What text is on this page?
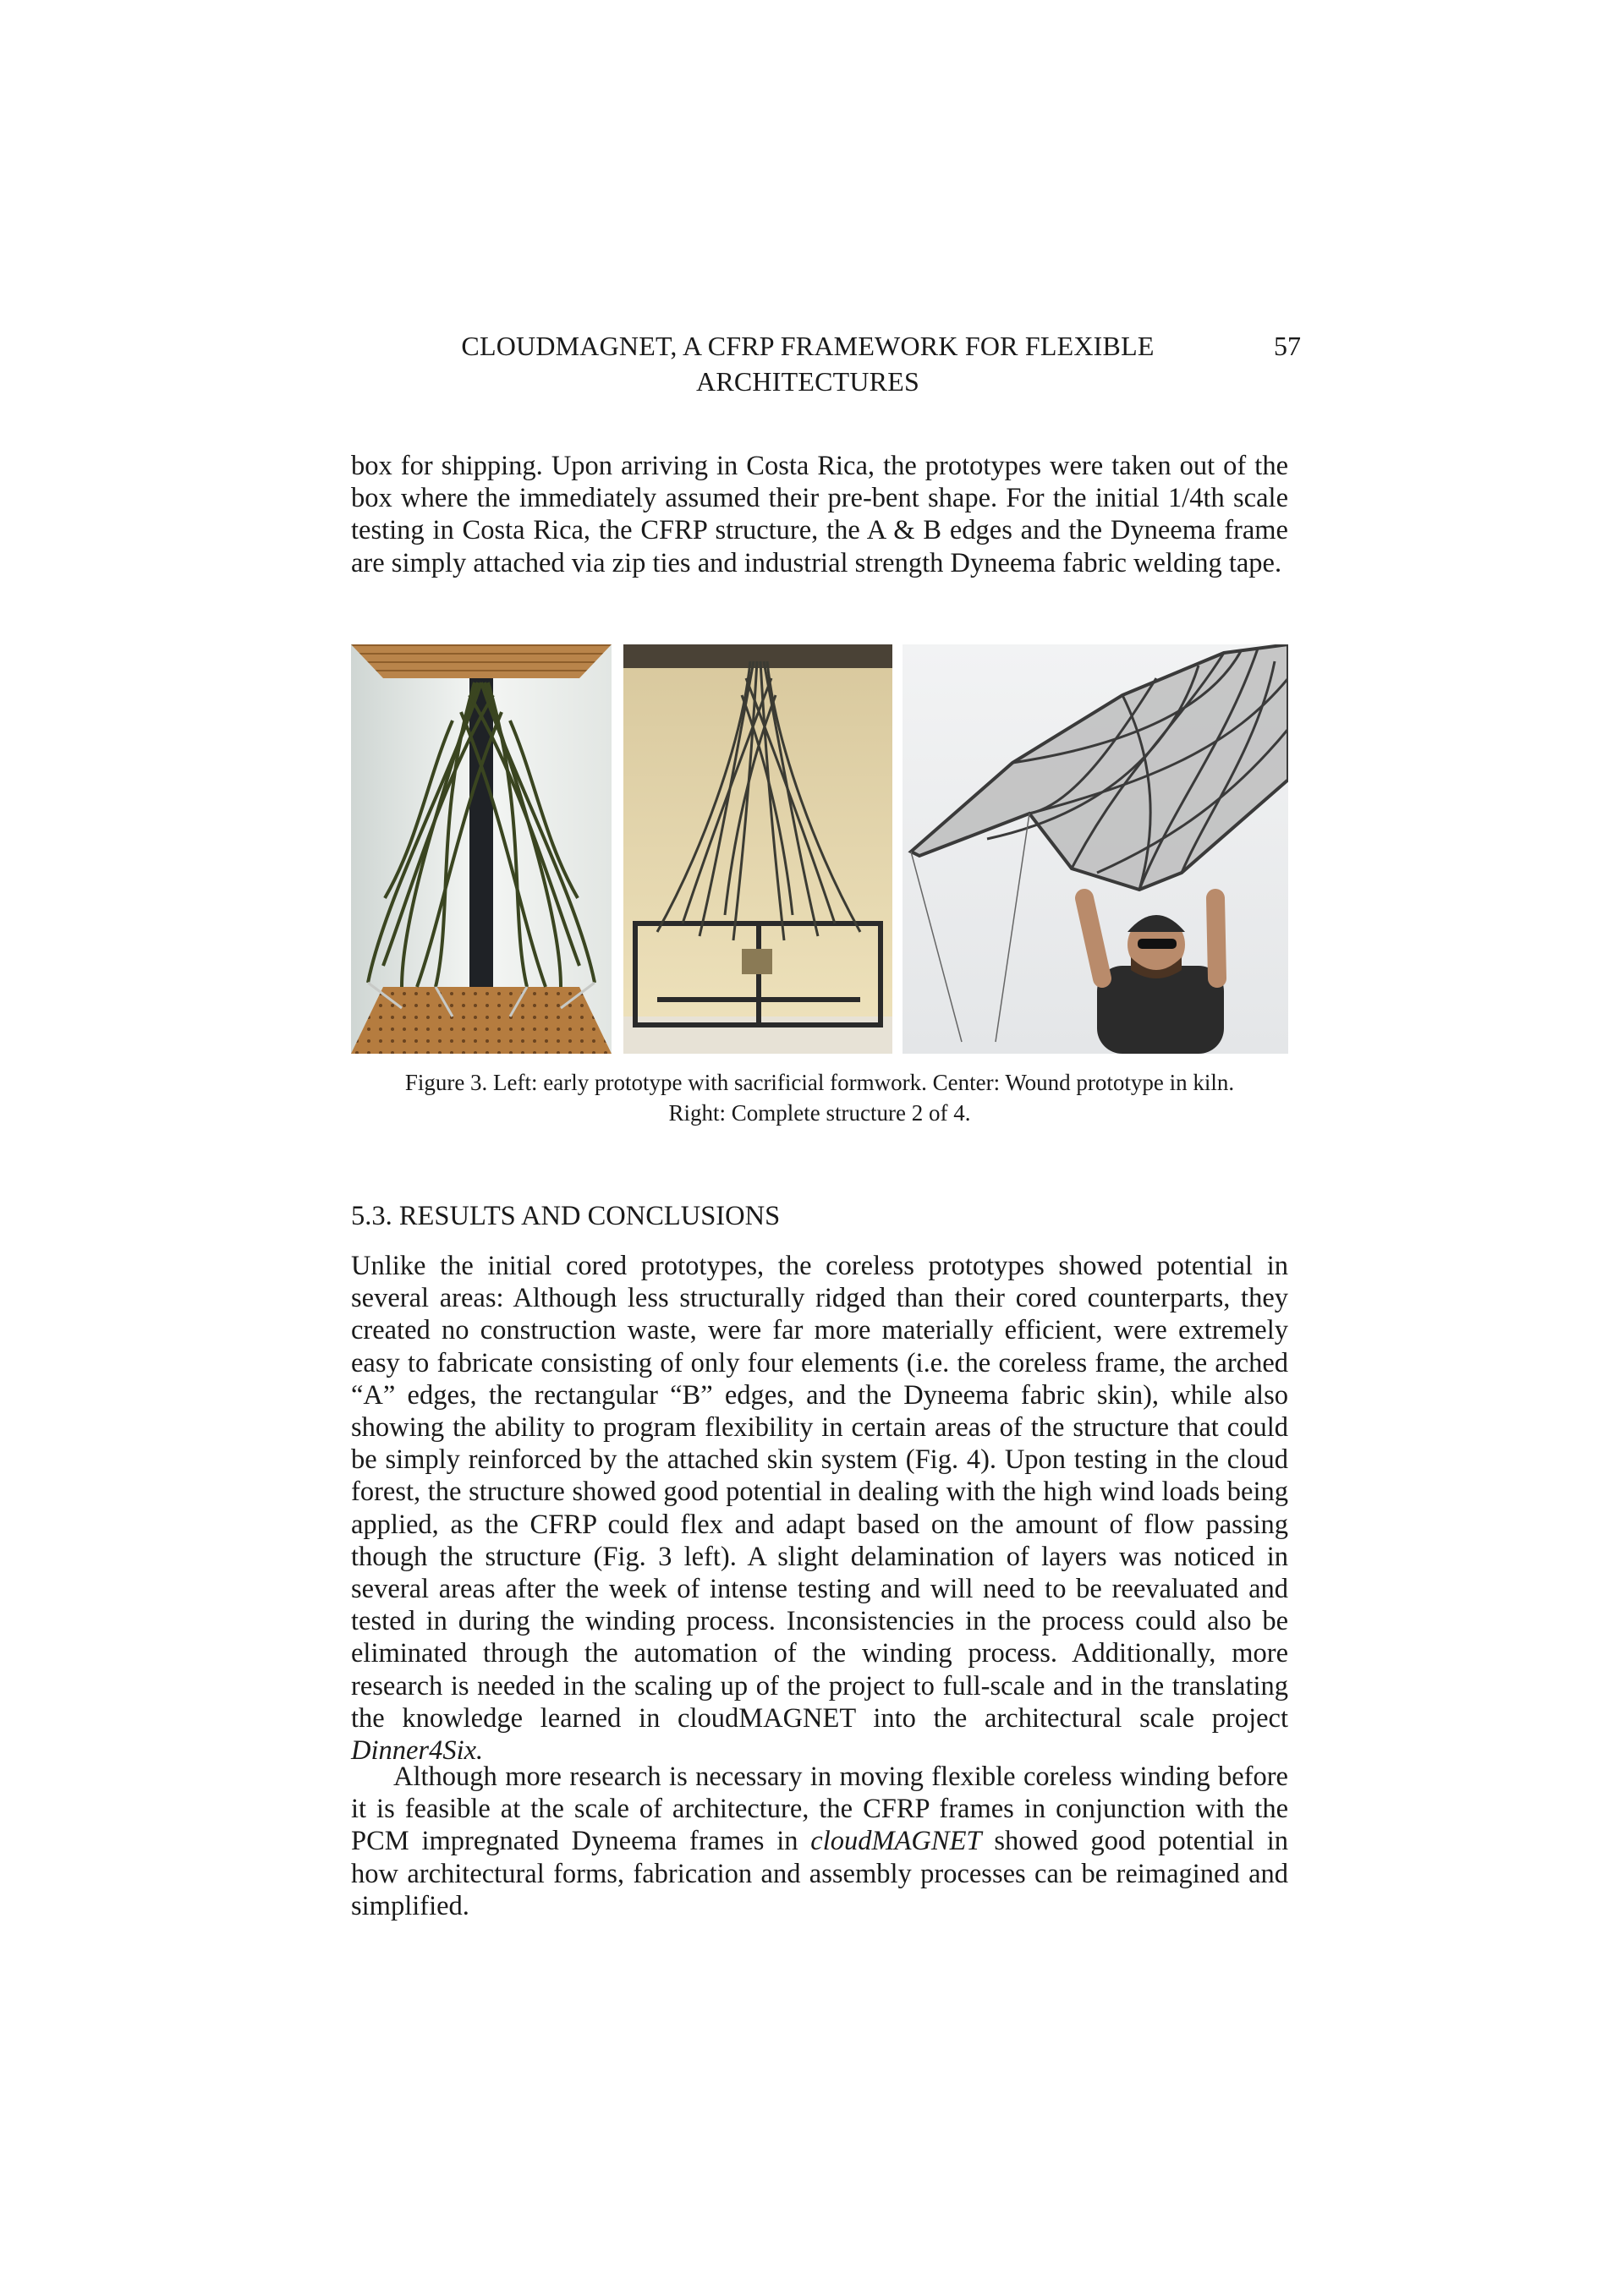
CLOUDMAGNET, A CFRP FRAMEWORK FOR FLEXIBLE
ARCHITECTURES
57

box for shipping. Upon arriving in Costa Rica, the prototypes were taken out of the box where the immediately assumed their pre-bent shape. For the initial 1/4th scale testing in Costa Rica, the CFRP structure, the A & B edges and the Dyneema frame are simply attached via zip ties and industrial strength Dyneema fabric welding tape.

Figure 3. Left: early prototype with sacrificial formwork. Center: Wound prototype in kiln.
Right: Complete structure 2 of 4.
5.3. RESULTS AND CONCLUSIONS

Unlike the initial cored prototypes, the coreless prototypes showed potential in several areas: Although less structurally ridged than their cored counterparts, they created no construction waste, were far more materially efficient, were extremely easy to fabricate consisting of only four elements (i.e. the coreless frame, the arched “A” edges, the rectangular “B” edges, and the Dyneema fabric skin), while also showing the ability to program flexibility in certain areas of the structure that could be simply reinforced by the attached skin system (Fig. 4). Upon testing in the cloud forest, the structure showed good potential in dealing with the high wind loads being applied, as the CFRP could flex and adapt based on the amount of flow passing though the structure (Fig. 3 left). A slight delamination of layers was noticed in several areas after the week of intense testing and will need to be reevaluated and tested in during the winding process. Inconsistencies in the process could also be eliminated through the automation of the winding process. Additionally, more research is needed in the scaling up of the project to full-scale and in the translating the knowledge learned in cloudMAGNET into the architectural scale project Dinner4Six.

Although more research is necessary in moving flexible coreless winding before it is feasible at the scale of architecture, the CFRP frames in conjunction with the PCM impregnated Dyneema frames in cloudMAGNET showed good potential in how architectural forms, fabrication and assembly processes can be reimagined and simplified.
